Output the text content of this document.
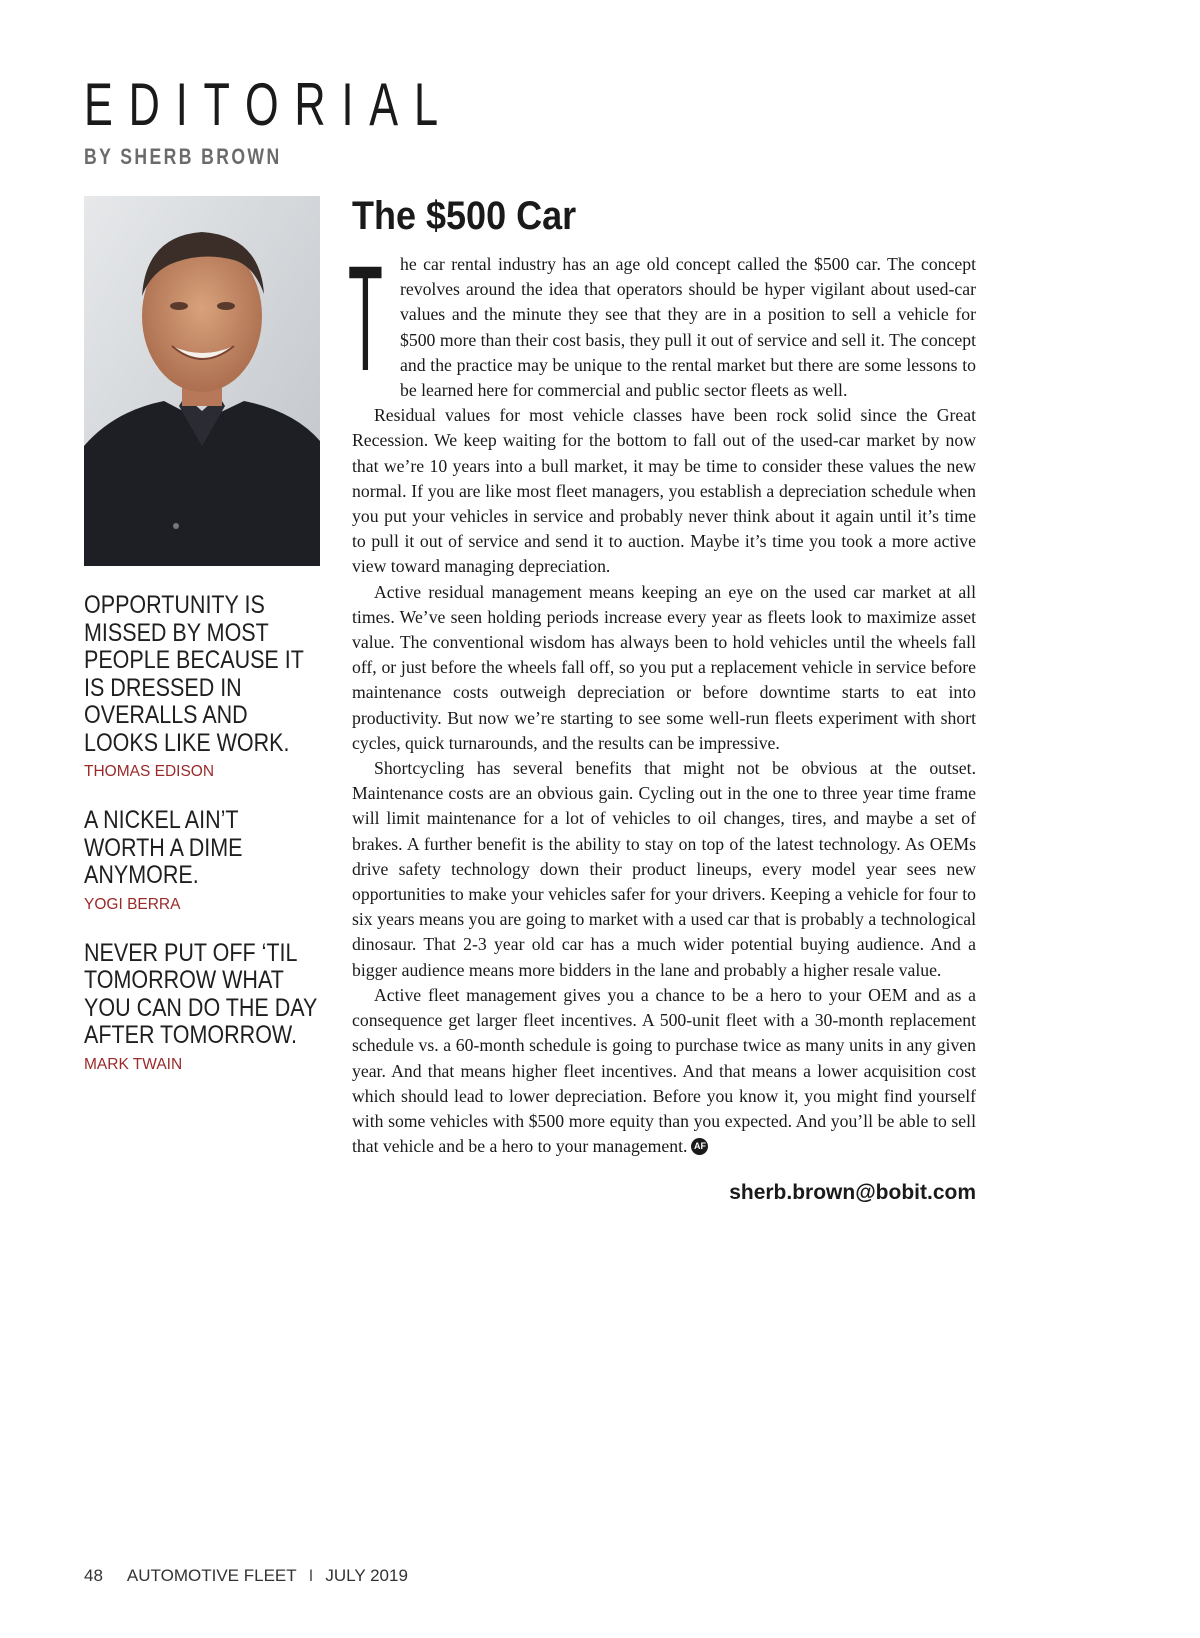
EDITORIAL
BY SHERB BROWN
OPPORTUNITY IS MISSED BY MOST PEOPLE BECAUSE IT IS DRESSED IN OVERALLS AND LOOKS LIKE WORK.
THOMAS EDISON
A NICKEL AIN’T WORTH A DIME ANYMORE.
YOGI BERRA
NEVER PUT OFF ‘TIL TOMORROW WHAT YOU CAN DO THE DAY AFTER TOMORROW.
MARK TWAIN
The $500 Car

The car rental industry has an age old concept called the $500 car. The concept revolves around the idea that operators should be hyper vigilant about used-car values and the minute they see that they are in a position to sell a vehicle for $500 more than their cost basis, they pull it out of service and sell it. The concept and the practice may be unique to the rental market but there are some lessons to be learned here for commercial and public sector fleets as well.

Residual values for most vehicle classes have been rock solid since the Great Recession. We keep waiting for the bottom to fall out of the used-car market by now that we’re 10 years into a bull market, it may be time to consider these values the new normal. If you are like most fleet managers, you establish a depreciation schedule when you put your vehicles in service and probably never think about it again until it’s time to pull it out of service and send it to auction. Maybe it’s time you took a more active view toward managing depreciation.

Active residual management means keeping an eye on the used car market at all times. We’ve seen holding periods increase every year as fleets look to maximize asset value. The conventional wisdom has always been to hold vehicles until the wheels fall off, or just before the wheels fall off, so you put a replacement vehicle in service before maintenance costs outweigh depreciation or before downtime starts to eat into productivity. But now we’re starting to see some well-run fleets experiment with short cycles, quick turnarounds, and the results can be impressive.

Shortcycling has several benefits that might not be obvious at the outset. Maintenance costs are an obvious gain. Cycling out in the one to three year time frame will limit maintenance for a lot of vehicles to oil changes, tires, and maybe a set of brakes. A further benefit is the ability to stay on top of the latest technology. As OEMs drive safety technology down their product lineups, every model year sees new opportunities to make your vehicles safer for your drivers. Keeping a vehicle for four to six years means you are going to market with a used car that is probably a technological dinosaur. That 2-3 year old car has a much wider potential buying audience. And a bigger audience means more bidders in the lane and probably a higher resale value.

Active fleet management gives you a chance to be a hero to your OEM and as a consequence get larger fleet incentives. A 500-unit fleet with a 30-month replacement schedule vs. a 60-month schedule is going to purchase twice as many units in any given year. And that means higher fleet incentives. And that means a lower acquisition cost which should lead to lower depreciation. Before you know it, you might find yourself with some vehicles with $500 more equity than you expected. And you’ll be able to sell that vehicle and be a hero to your management. AF

sherb.brown@bobit.com
48 AUTOMOTIVE FLEET I JULY 2019
